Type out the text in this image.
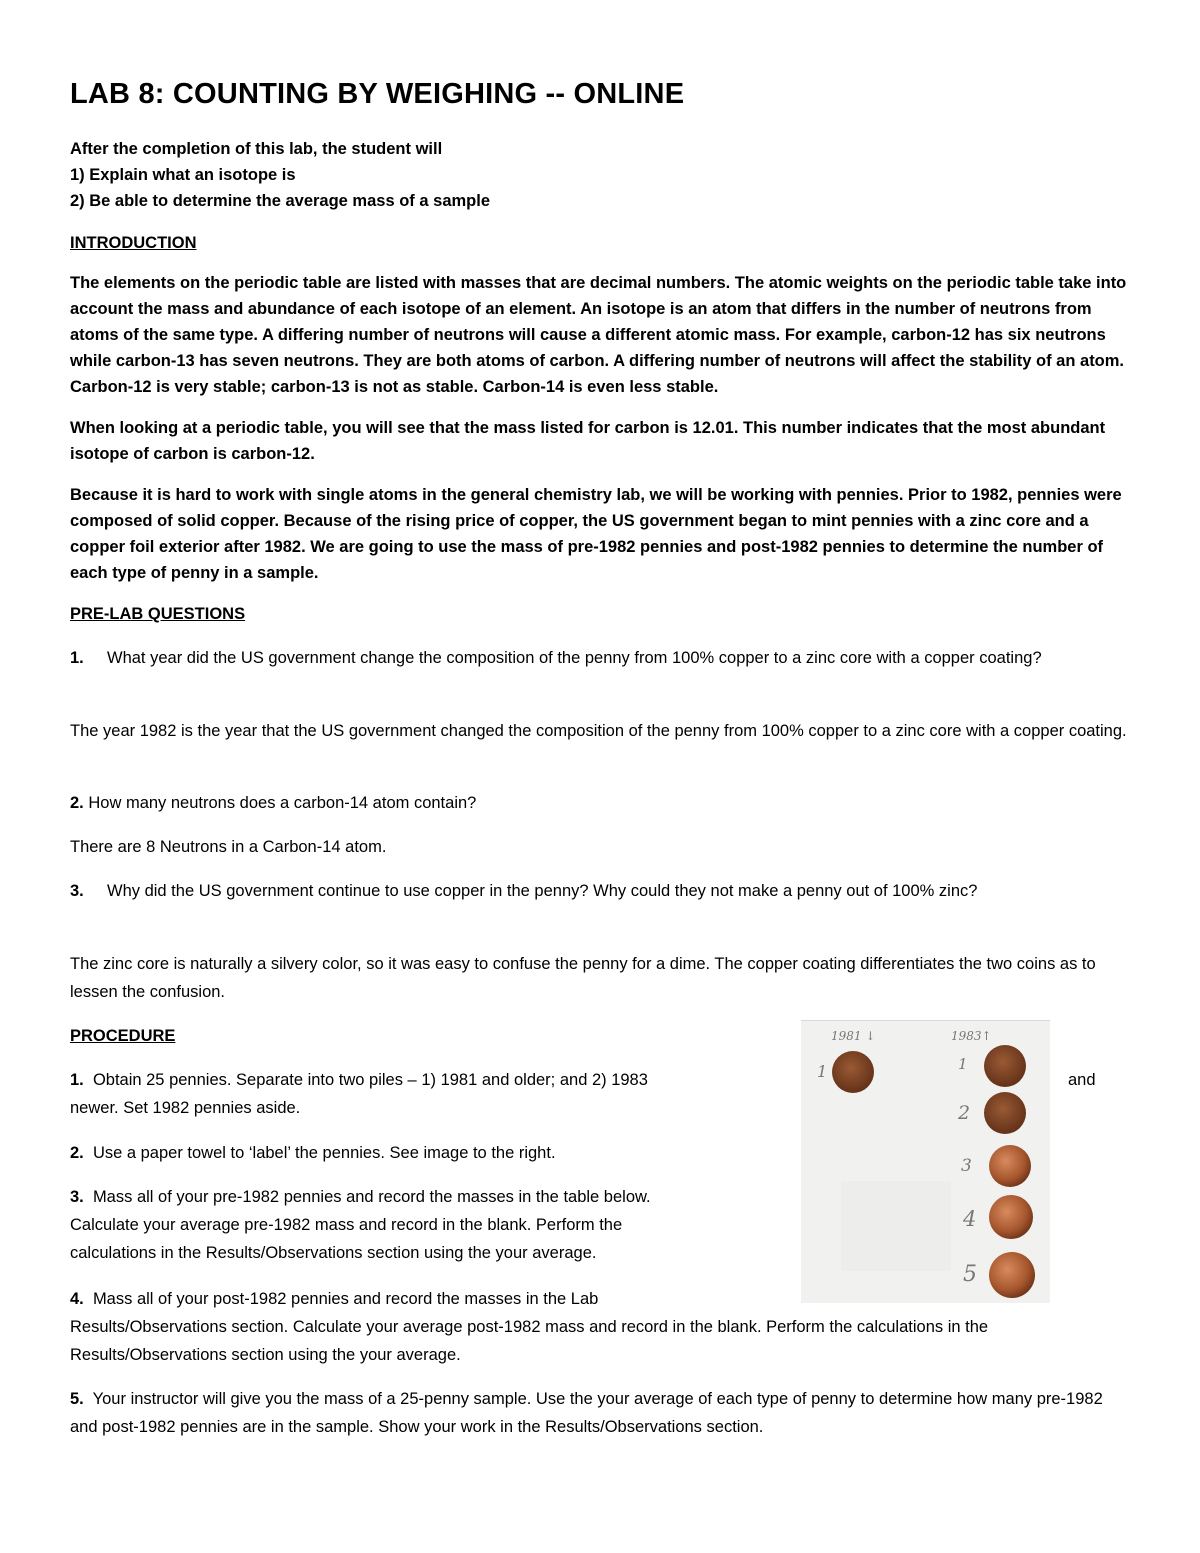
LAB 8: COUNTING BY WEIGHING -- ONLINE
After the completion of this lab, the student will
1) Explain what an isotope is
2) Be able to determine the average mass of a sample
INTRODUCTION
The elements on the periodic table are listed with masses that are decimal numbers. The atomic weights on the periodic table take into account the mass and abundance of each isotope of an element. An isotope is an atom that differs in the number of neutrons from atoms of the same type. A differing number of neutrons will cause a different atomic mass. For example, carbon-12 has six neutrons while carbon-13 has seven neutrons. They are both atoms of carbon. A differing number of neutrons will affect the stability of an atom. Carbon-12 is very stable; carbon-13 is not as stable. Carbon-14 is even less stable.
When looking at a periodic table, you will see that the mass listed for carbon is 12.01. This number indicates that the most abundant isotope of carbon is carbon-12.
Because it is hard to work with single atoms in the general chemistry lab, we will be working with pennies. Prior to 1982, pennies were composed of solid copper. Because of the rising price of copper, the US government began to mint pennies with a zinc core and a copper foil exterior after 1982. We are going to use the mass of pre-1982 pennies and post-1982 pennies to determine the number of each type of penny in a sample.
PRE-LAB QUESTIONS
1. What year did the US government change the composition of the penny from 100% copper to a zinc core with a copper coating?
The year 1982 is the year that the US government changed the composition of the penny from 100% copper to a zinc core with a copper coating.
2. How many neutrons does a carbon-14 atom contain?
There are 8 Neutrons in a Carbon-14 atom.
3. Why did the US government continue to use copper in the penny? Why could they not make a penny out of 100% zinc?
The zinc core is naturally a silvery color, so it was easy to confuse the penny for a dime. The copper coating differentiates the two coins as to lessen the confusion.
PROCEDURE
1. Obtain 25 pennies. Separate into two piles – 1) 1981 and older; and 2) 1983
newer. Set 1982 pennies aside.
and
2. Use a paper towel to ‘label’ the pennies. See image to the right.
3. Mass all of your pre-1982 pennies and record the masses in the table below.
Calculate your average pre-1982 mass and record in the blank. Perform the
calculations in the Results/Observations section using the your average.
4. Mass all of your post-1982 pennies and record the masses in the Lab
Results/Observations section. Calculate your average post-1982 mass and record in the blank. Perform the calculations in the Results/Observations section using the your average.
5. Your instructor will give you the mass of a 25-penny sample. Use the your average of each type of penny to determine how many pre-1982 and post-1982 pennies are in the sample. Show your work in the Results/Observations section.
1981 ↓	1983↑
1	1
2
3
4
5
